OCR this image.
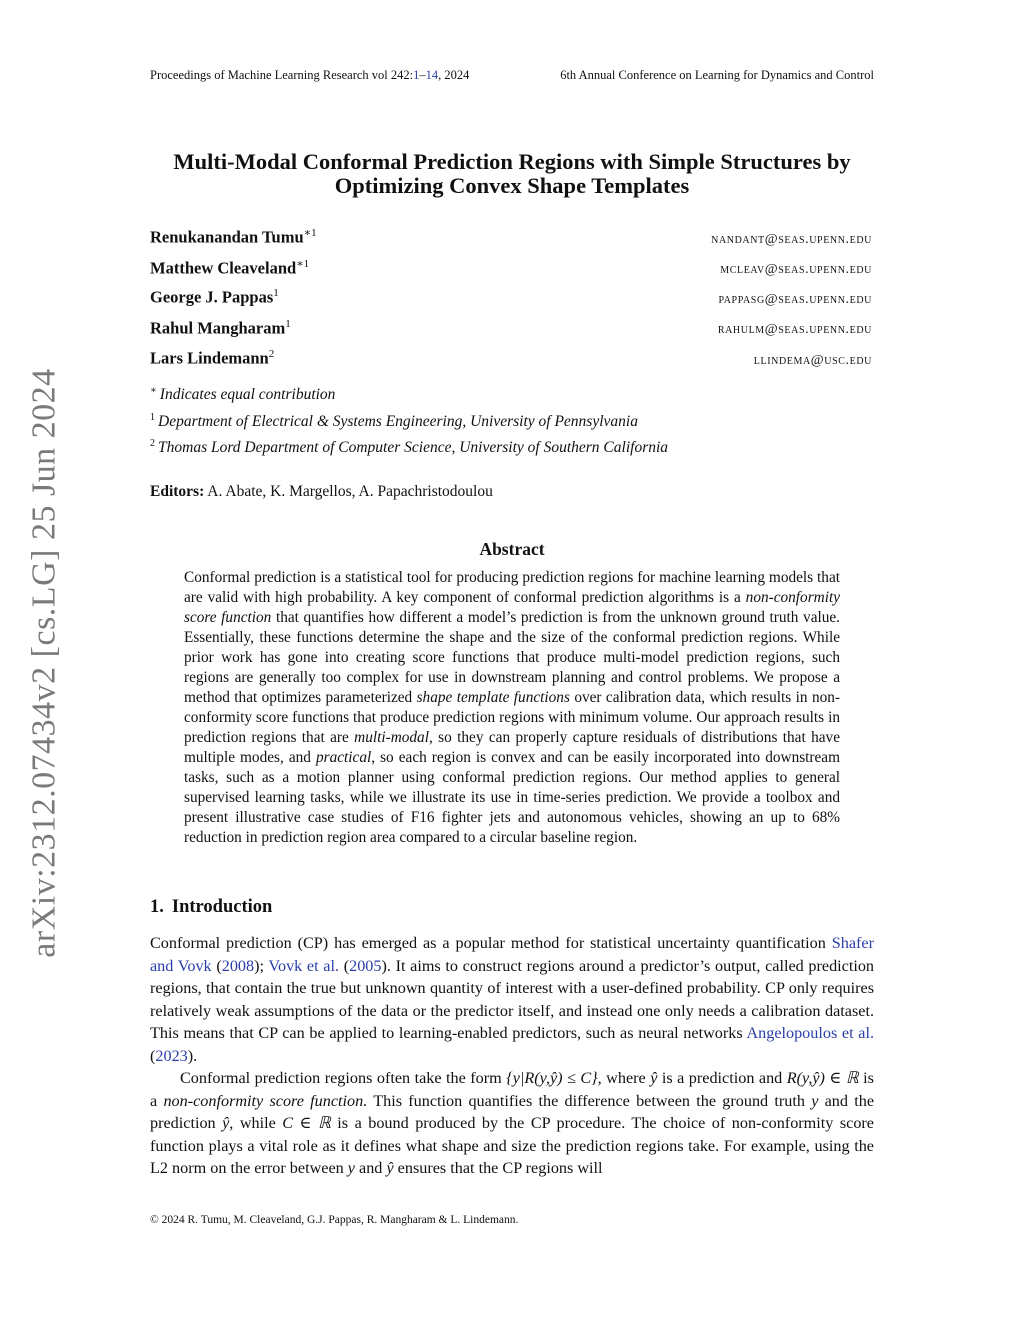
Proceedings of Machine Learning Research vol 242:1–14, 2024	6th Annual Conference on Learning for Dynamics and Control
arXiv:2312.07434v2 [cs.LG] 25 Jun 2024
Multi-Modal Conformal Prediction Regions with Simple Structures by
Optimizing Convex Shape Templates
Renukanandan Tumu$^{∗1}$	nandant@seas.upenn.edu
Matthew Cleaveland$^{∗1}$	mcleav@seas.upenn.edu
George J. Pappas$^1$	pappasg@seas.upenn.edu
Rahul Mangharam$^1$	rahulm@seas.upenn.edu
Lars Lindemann$^2$	llindema@usc.edu
∗ Indicates equal contribution
$^1$ Department of Electrical & Systems Engineering, University of Pennsylvania
$^2$ Thomas Lord Department of Computer Science, University of Southern California
Editors: A. Abate, K. Margellos, A. Papachristodoulou
Abstract

Conformal prediction is a statistical tool for producing prediction regions for machine learning models that are valid with high probability. A key component of conformal prediction algorithms is a non-conformity score function that quantifies how different a model’s prediction is from the unknown ground truth value. Essentially, these functions determine the shape and the size of the conformal prediction regions. While prior work has gone into creating score functions that produce multi-model prediction regions, such regions are generally too complex for use in downstream planning and control problems. We propose a method that optimizes parameterized shape template functions over calibration data, which results in non-conformity score functions that produce prediction regions with minimum volume. Our approach results in prediction regions that are multi-modal, so they can properly capture residuals of distributions that have multiple modes, and practical, so each region is convex and can be easily incorporated into downstream tasks, such as a motion planner using conformal prediction regions. Our method applies to general supervised learning tasks, while we illustrate its use in time-series prediction. We provide a toolbox and present illustrative case studies of F16 fighter jets and autonomous vehicles, showing an up to 68% reduction in prediction region area compared to a circular baseline region.

1. Introduction

Conformal prediction (CP) has emerged as a popular method for statistical uncertainty quantification Shafer and Vovk (2008); Vovk et al. (2005). It aims to construct regions around a predictor’s output, called prediction regions, that contain the true but unknown quantity of interest with a user-defined probability. CP only requires relatively weak assumptions of the data or the predictor itself, and instead one only needs a calibration dataset. This means that CP can be applied to learning-enabled predictors, such as neural networks Angelopoulos et al. (2023).

Conformal prediction regions often take the form {y|R(y,ŷ) ≤ C}, where ŷ is a prediction and R(y,ŷ) ∈ ℝ is a non-conformity score function. This function quantifies the difference between the ground truth y and the prediction ŷ, while C ∈ ℝ is a bound produced by the CP procedure. The choice of non-conformity score function plays a vital role as it defines what shape and size the prediction regions take. For example, using the L2 norm on the error between y and ŷ ensures that the CP regions will

© 2024 R. Tumu, M. Cleaveland, G.J. Pappas, R. Mangharam & L. Lindemann.
